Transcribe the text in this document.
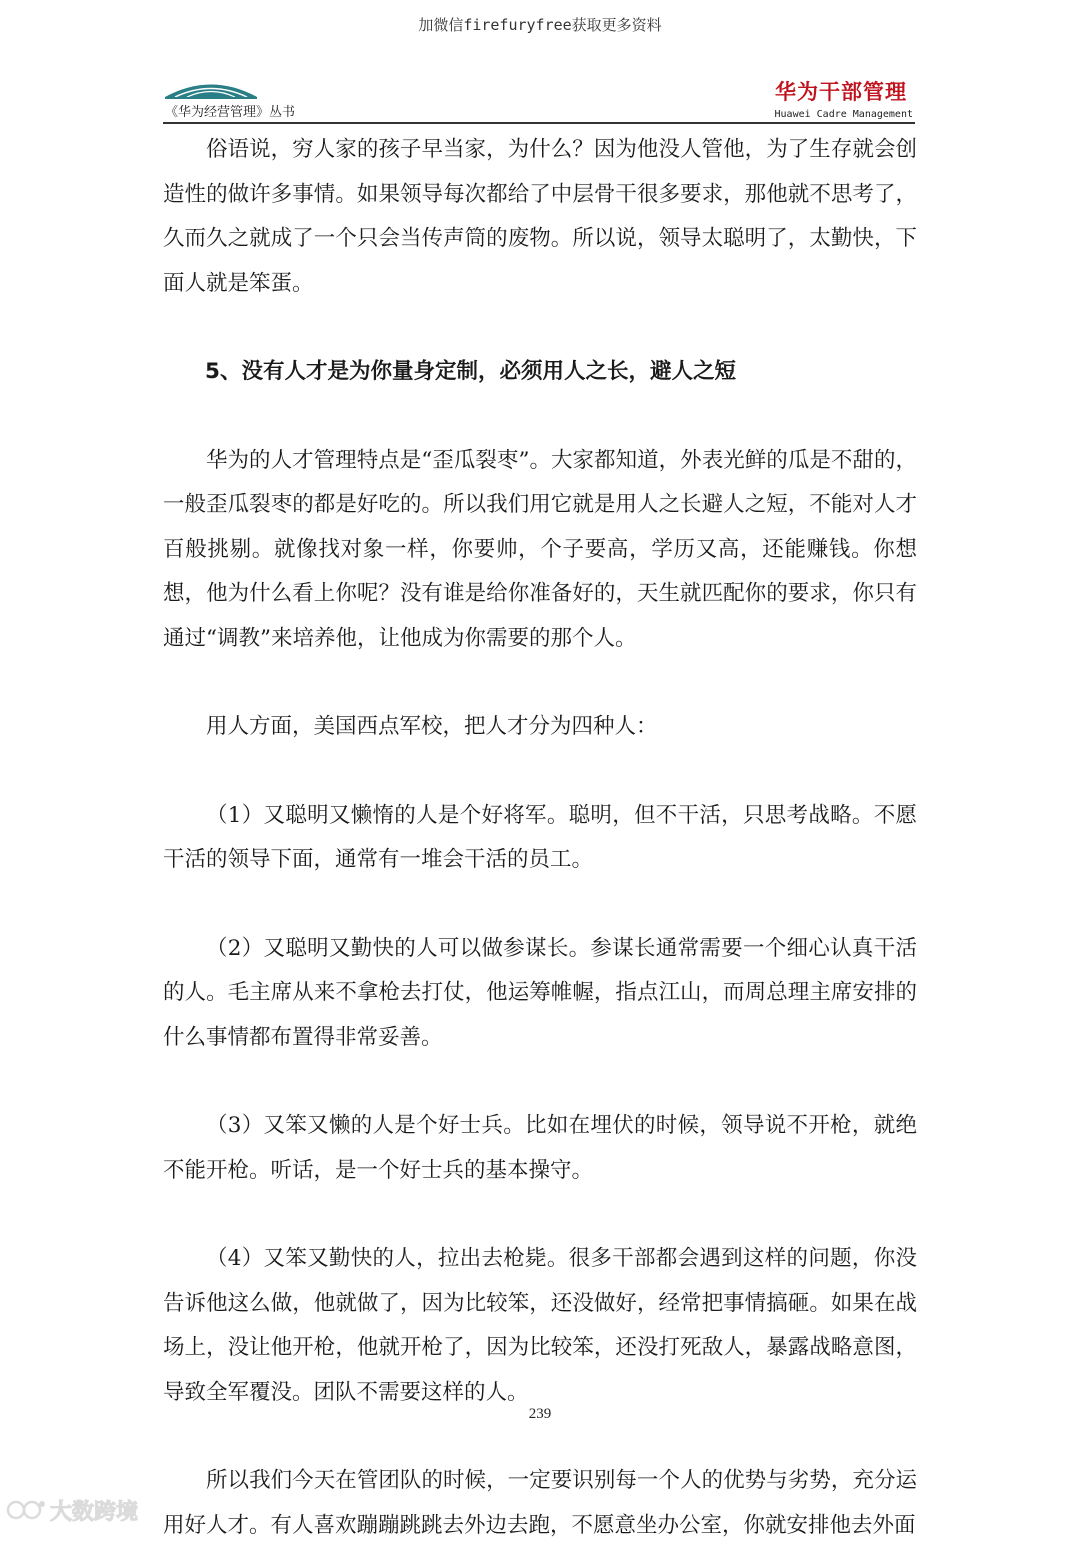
加微信firefuryfree获取更多资料
《华为经营管理》丛书
华为干部管理
Huawei Cadre Management

俗语说，穷人家的孩子早当家，为什么？因为他没人管他，为了生存就会创造性的做许多事情。如果领导每次都给了中层骨干很多要求，那他就不思考了，久而久之就成了一个只会当传声筒的废物。所以说，领导太聪明了，太勤快，下面人就是笨蛋。

5、没有人才是为你量身定制，必须用人之长，避人之短

华为的人才管理特点是“歪瓜裂枣”。大家都知道，外表光鲜的瓜是不甜的，一般歪瓜裂枣的都是好吃的。所以我们用它就是用人之长避人之短，不能对人才百般挑剔。就像找对象一样，你要帅，个子要高，学历又高，还能赚钱。你想想，他为什么看上你呢？没有谁是给你准备好的，天生就匹配你的要求，你只有通过“调教”来培养他，让他成为你需要的那个人。

用人方面，美国西点军校，把人才分为四种人：

（1）又聪明又懒惰的人是个好将军。聪明，但不干活，只思考战略。不愿干活的领导下面，通常有一堆会干活的员工。

（2）又聪明又勤快的人可以做参谋长。参谋长通常需要一个细心认真干活的人。毛主席从来不拿枪去打仗，他运筹帷幄，指点江山，而周总理主席安排的什么事情都布置得非常妥善。

（3）又笨又懒的人是个好士兵。比如在埋伏的时候，领导说不开枪，就绝不能开枪。听话，是一个好士兵的基本操守。

（4）又笨又勤快的人，拉出去枪毙。很多干部都会遇到这样的问题，你没告诉他这么做，他就做了，因为比较笨，还没做好，经常把事情搞砸。如果在战场上，没让他开枪，他就开枪了，因为比较笨，还没打死敌人，暴露战略意图，导致全军覆没。团队不需要这样的人。

所以我们今天在管团队的时候，一定要识别每一个人的优势与劣势，充分运用好人才。有人喜欢蹦蹦跳跳去外边去跑，不愿意坐办公室，你就安排他去外面

239
大数跨境
